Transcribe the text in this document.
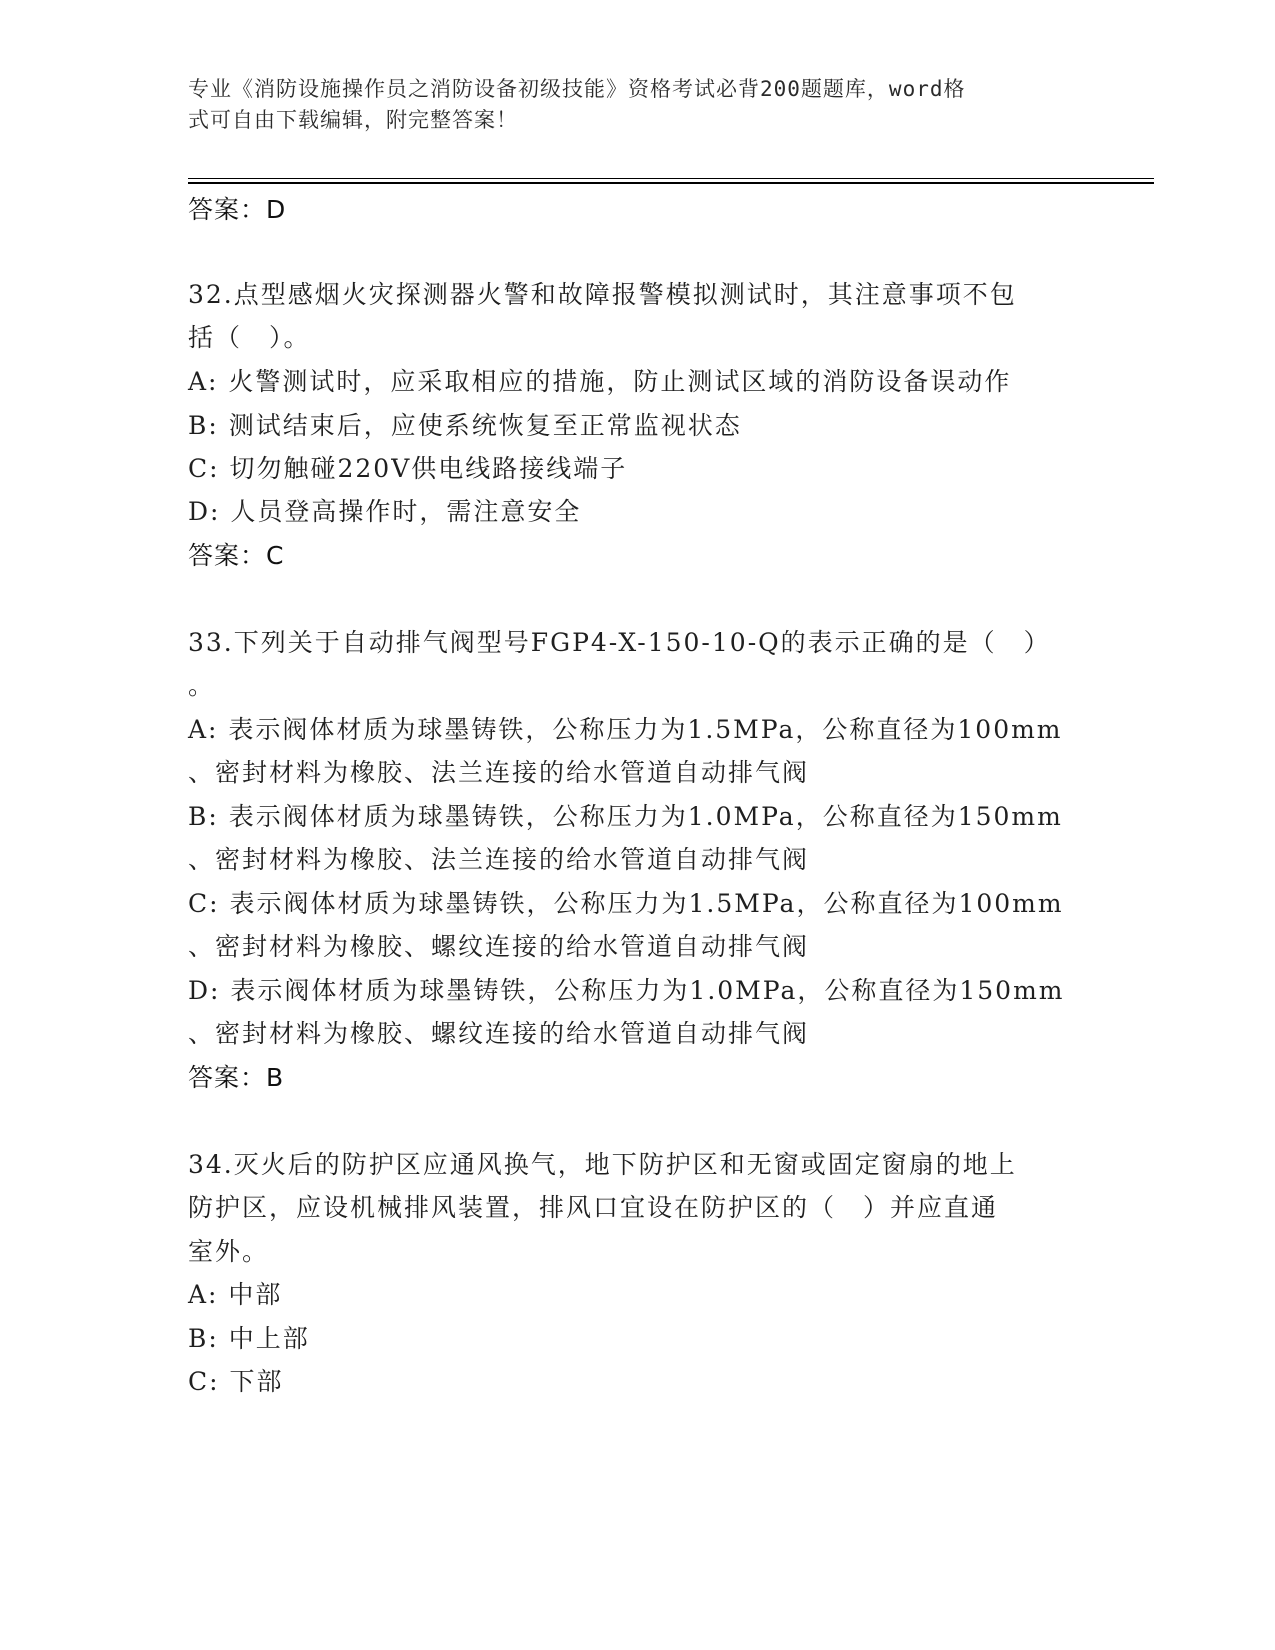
专业《消防设施操作员之消防设备初级技能》资格考试必背200题题库，word格
式可自由下载编辑，附完整答案！
答案：D
32.点型感烟火灾探测器火警和故障报警模拟测试时，其注意事项不包
括（　）。
A: 火警测试时，应采取相应的措施，防止测试区域的消防设备误动作
B: 测试结束后，应使系统恢复至正常监视状态
C: 切勿触碰220V供电线路接线端子
D: 人员登高操作时，需注意安全
答案：C
33.下列关于自动排气阀型号FGP4-X-150-10-Q的表示正确的是（　）
。
A: 表示阀体材质为球墨铸铁，公称压力为1.5MPa，公称直径为100mm
、密封材料为橡胶、法兰连接的给水管道自动排气阀
B: 表示阀体材质为球墨铸铁，公称压力为1.0MPa，公称直径为150mm
、密封材料为橡胶、法兰连接的给水管道自动排气阀
C: 表示阀体材质为球墨铸铁，公称压力为1.5MPa，公称直径为100mm
、密封材料为橡胶、螺纹连接的给水管道自动排气阀
D: 表示阀体材质为球墨铸铁，公称压力为1.0MPa，公称直径为150mm
、密封材料为橡胶、螺纹连接的给水管道自动排气阀
答案：B
34.灭火后的防护区应通风换气，地下防护区和无窗或固定窗扇的地上
防护区，应设机械排风装置，排风口宜设在防护区的（　）并应直通
室外。
A: 中部
B: 中上部
C: 下部
